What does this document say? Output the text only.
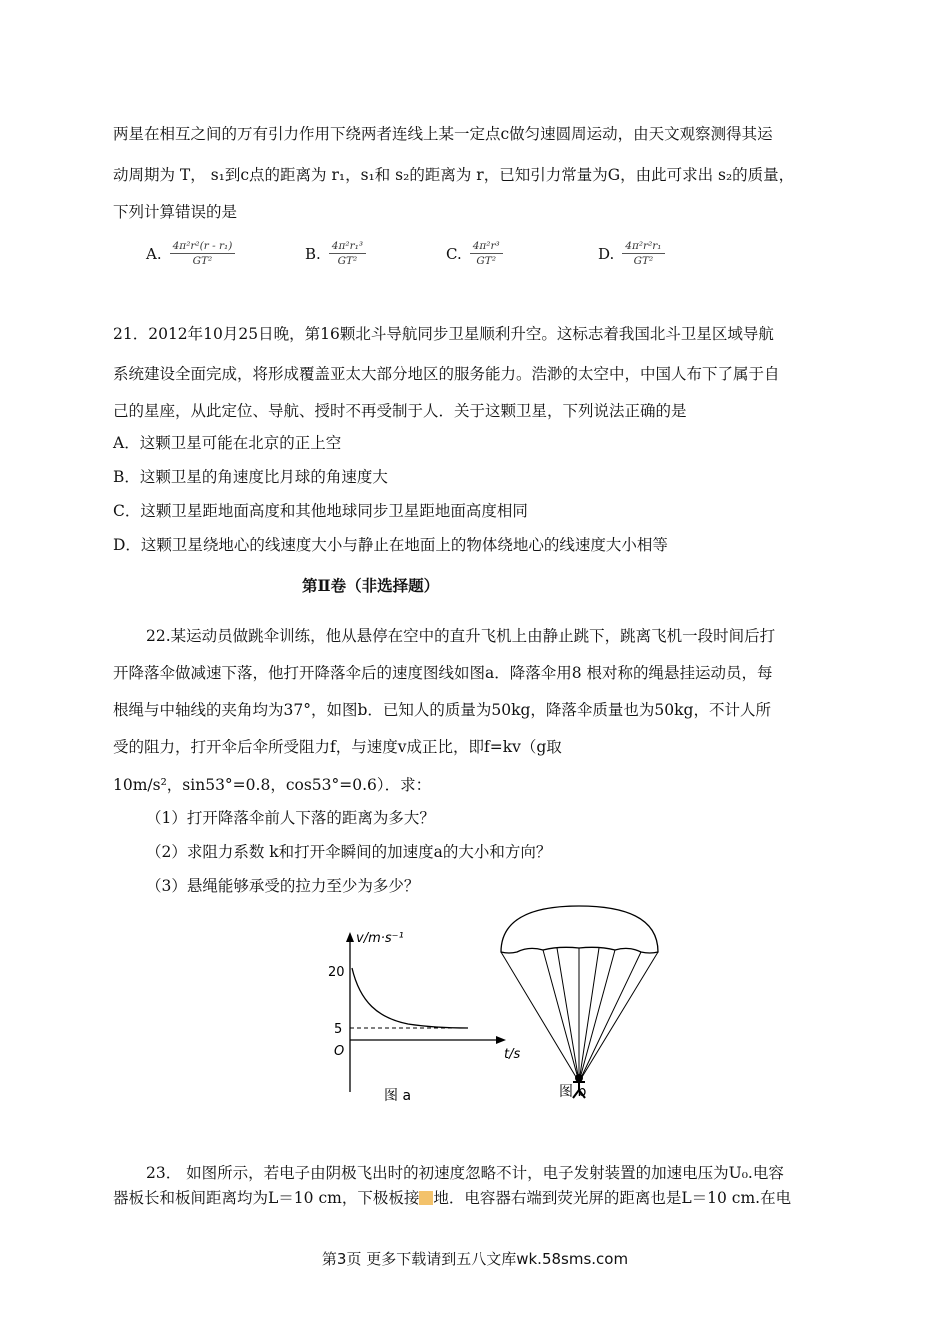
两星在相互之间的万有引力作用下绕两者连线上某一定点c做匀速圆周运动，由天文观察测得其运
动周期为 T， s₁到c点的距离为 r₁，s₁和 s₂的距离为 r，已知引力常量为G，由此可求出 s₂的质量，
下列计算错误的是
A. $\frac{\text{4π²r²(r - r₁)}}{\text{GT²}}$	B. $\frac{\text{4π²r₁³}}{\text{GT²}}$	C. $\frac{\text{4π²r³}}{\text{GT²}}$	D. $\frac{\text{4π²r²r₁}}{\text{GT²}}$
21．2012年10月25日晚，第16颗北斗导航同步卫星顺利升空。这标志着我国北斗卫星区域导航
系统建设全面完成，将形成覆盖亚太大部分地区的服务能力。浩渺的太空中，中国人布下了属于自
己的星座，从此定位、导航、授时不再受制于人．关于这颗卫星，下列说法正确的是
A．这颗卫星可能在北京的正上空
B．这颗卫星的角速度比月球的角速度大
C．这颗卫星距地面高度和其他地球同步卫星距地面高度相同
D．这颗卫星绕地心的线速度大小与静止在地面上的物体绕地心的线速度大小相等
第Ⅱ卷（非选择题）
22.某运动员做跳伞训练，他从悬停在空中的直升飞机上由静止跳下，跳离飞机一段时间后打
开降落伞做减速下落，他打开降落伞后的速度图线如图a．降落伞用8 根对称的绳悬挂运动员，每
根绳与中轴线的夹角均为37°，如图b．已知人的质量为50kg，降落伞质量也为50kg，不计人所
受的阻力，打开伞后伞所受阻力f，与速度v成正比，即f=kv（g取
10m/s²，sin53°=0.8，cos53°=0.6）．求：
（1）打开降落伞前人下落的距离为多大？
（2）求阻力系数 k和打开伞瞬间的加速度a的大小和方向？
（3）悬绳能够承受的拉力至少为多少？
v/m·s⁻¹
t/s
O
20
5
图 a	图 b
23． 如图所示，若电子由阴极飞出时的初速度忽略不计，电子发射装置的加速电压为U₀.电容
器板长和板间距离均为L＝10 cm，下极板接 地．电容器右端到荧光屏的距离也是L＝10 cm.在电
第3页 更多下载请到五八文库wk.58sms.com
